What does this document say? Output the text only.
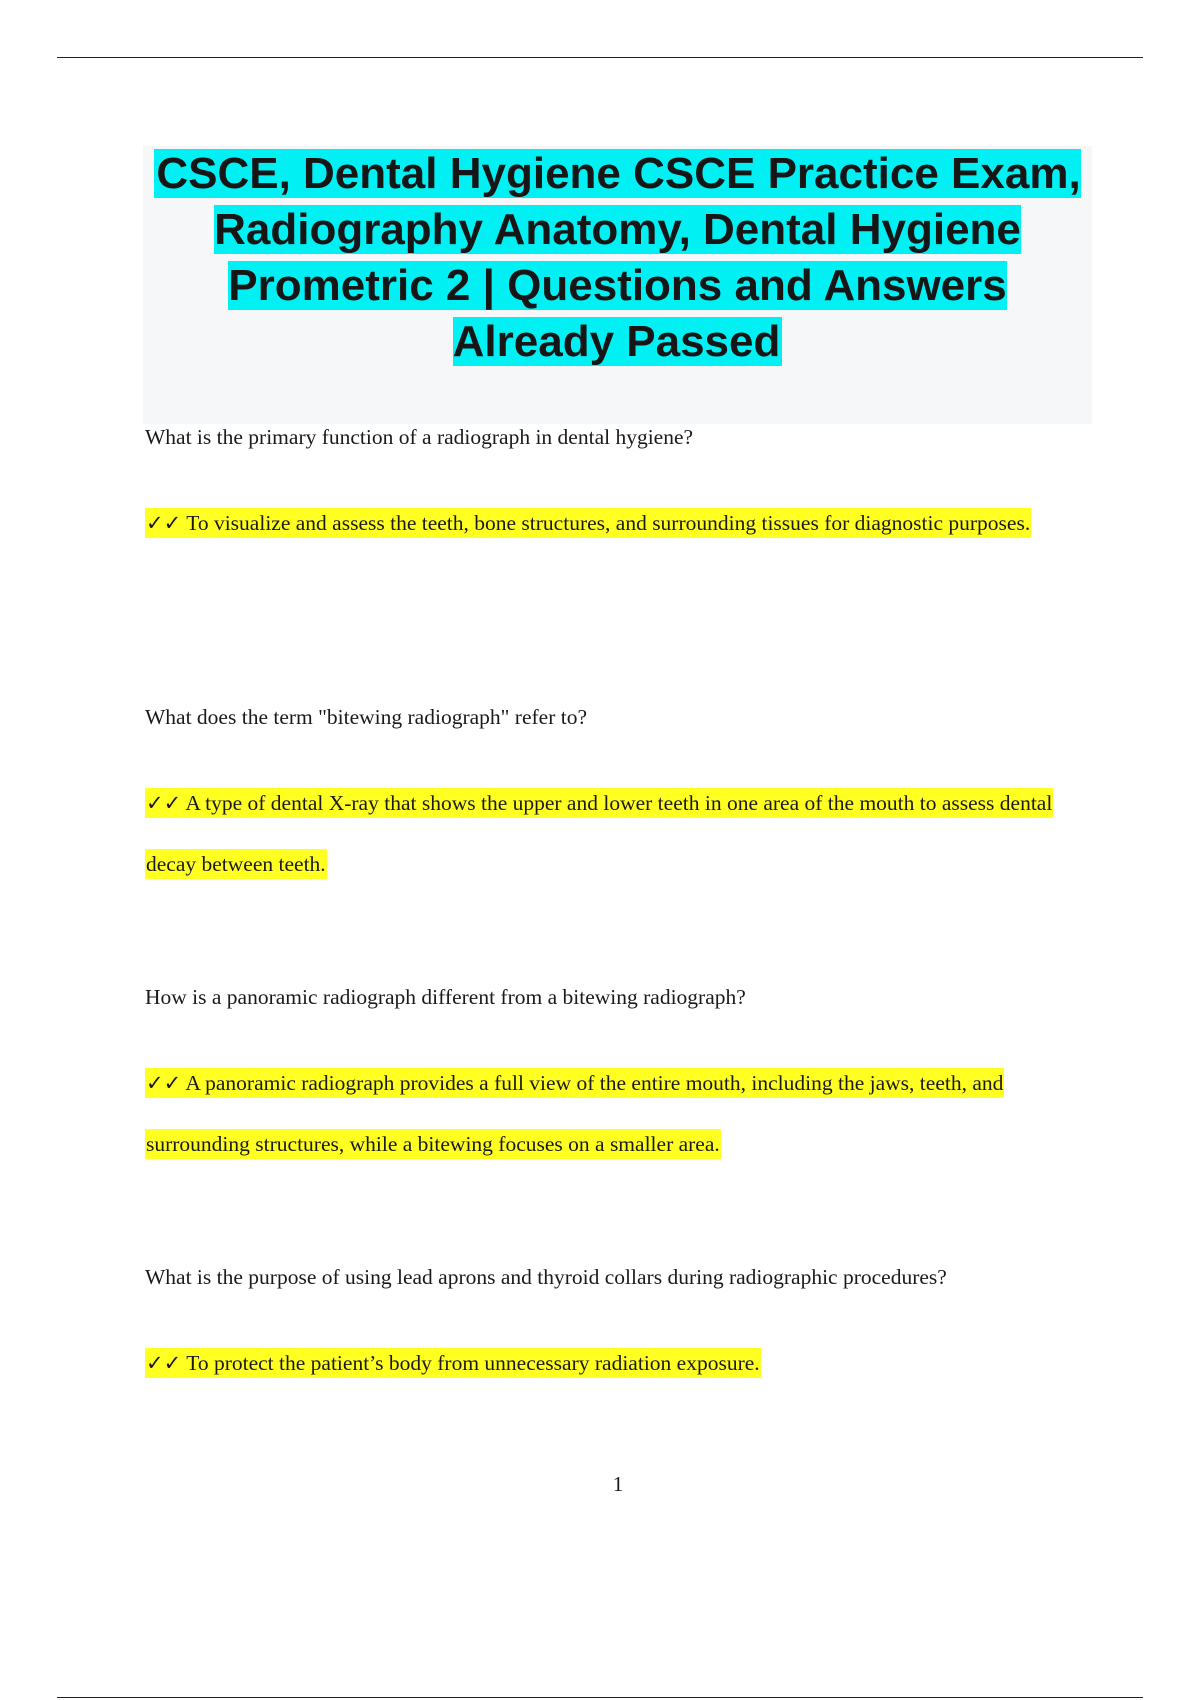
CSCE, Dental Hygiene CSCE Practice Exam, Radiography Anatomy, Dental Hygiene Prometric 2 | Questions and Answers Already Passed

What is the primary function of a radiograph in dental hygiene?

✓✓ To visualize and assess the teeth, bone structures, and surrounding tissues for diagnostic purposes.

What does the term "bitewing radiograph" refer to?

✓✓ A type of dental X-ray that shows the upper and lower teeth in one area of the mouth to assess dental decay between teeth.

How is a panoramic radiograph different from a bitewing radiograph?

✓✓ A panoramic radiograph provides a full view of the entire mouth, including the jaws, teeth, and surrounding structures, while a bitewing focuses on a smaller area.

What is the purpose of using lead aprons and thyroid collars during radiographic procedures?

✓✓ To protect the patient’s body from unnecessary radiation exposure.

1
